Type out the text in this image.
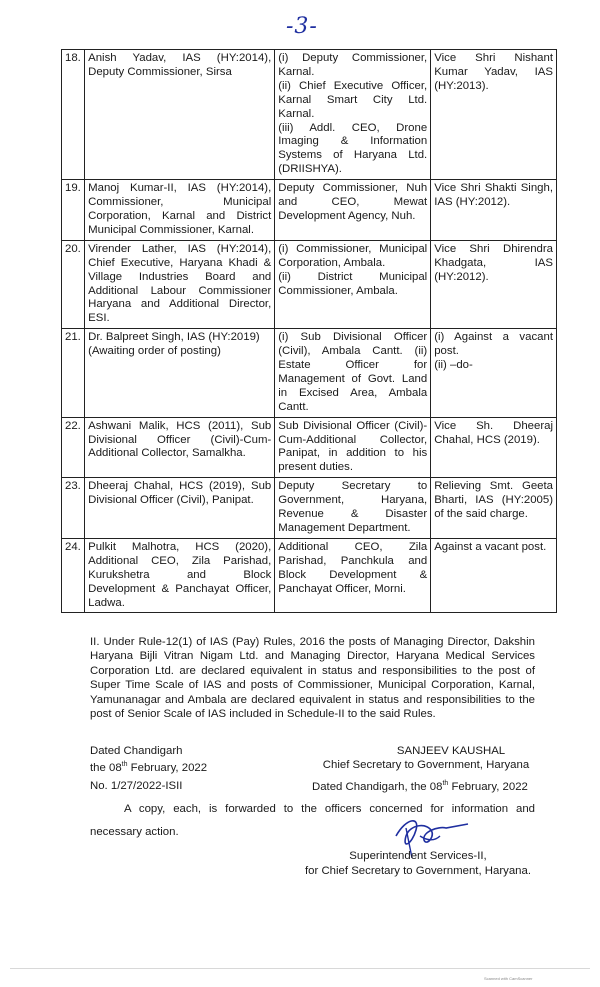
-3-
18.	Anish Yadav, IAS (HY:2014), Deputy Commissioner, Sirsa	(i) Deputy Commissioner, Karnal.
(ii) Chief Executive Officer, Karnal Smart City Ltd. Karnal.
(iii) Addl. CEO, Drone Imaging & Information Systems of Haryana Ltd. (DRIISHYA).	Vice Shri Nishant Kumar Yadav, IAS (HY:2013).

19.	Manoj Kumar-II, IAS (HY:2014), Commissioner, Municipal Corporation, Karnal and District Municipal Commissioner, Karnal.	Deputy Commissioner, Nuh and CEO, Mewat Development Agency, Nuh.	Vice Shri Shakti Singh, IAS (HY:2012).

20.	Virender Lather, IAS (HY:2014), Chief Executive, Haryana Khadi & Village Industries Board and Additional Labour Commissioner Haryana and Additional Director, ESI.	(i) Commissioner, Municipal Corporation, Ambala.
(ii) District Municipal Commissioner, Ambala.	Vice Shri Dhirendra Khadgata, IAS (HY:2012).

21.	Dr. Balpreet Singh, IAS (HY:2019)
(Awaiting order of posting)	(i) Sub Divisional Officer (Civil), Ambala Cantt. (ii) Estate Officer for Management of Govt. Land in Excised Area, Ambala Cantt.	(i) Against a vacant post.
(ii) –do-

22.	Ashwani Malik, HCS (2011), Sub Divisional Officer (Civil)-Cum-Additional Collector, Samalkha.	Sub Divisional Officer (Civil)-Cum-Additional Collector, Panipat, in addition to his present duties.	Vice Sh. Dheeraj Chahal, HCS (2019).

23.	Dheeraj Chahal, HCS (2019), Sub Divisional Officer (Civil), Panipat.	Deputy Secretary to Government, Haryana, Revenue & Disaster Management Department.	Relieving Smt. Geeta Bharti, IAS (HY:2005) of the said charge.

24.	Pulkit Malhotra, HCS (2020), Additional CEO, Zila Parishad, Kurukshetra and Block Development & Panchayat Officer, Ladwa.	Additional CEO, Zila Parishad, Panchkula and Block Development & Panchayat Officer, Morni.	Against a vacant post.
II. Under Rule-12(1) of IAS (Pay) Rules, 2016 the posts of Managing Director, Dakshin Haryana Bijli Vitran Nigam Ltd. and Managing Director, Haryana Medical Services Corporation Ltd. are declared equivalent in status and responsibilities to the post of Super Time Scale of IAS and posts of Commissioner, Municipal Corporation, Karnal, Yamunanagar and Ambala are declared equivalent in status and responsibilities to the post of Senior Scale of IAS included in Schedule-II to the said Rules.
Dated Chandigarh
the 08th February, 2022
SANJEEV KAUSHAL
Chief Secretary to Government, Haryana
No. 1/27/2022-ISII	Dated Chandigarh, the 08th February, 2022
A copy, each, is forwarded to the officers concerned for information and necessary action.
Superintendent Services-II,
for Chief Secretary to Government, Haryana.
Scanned with CamScanner
